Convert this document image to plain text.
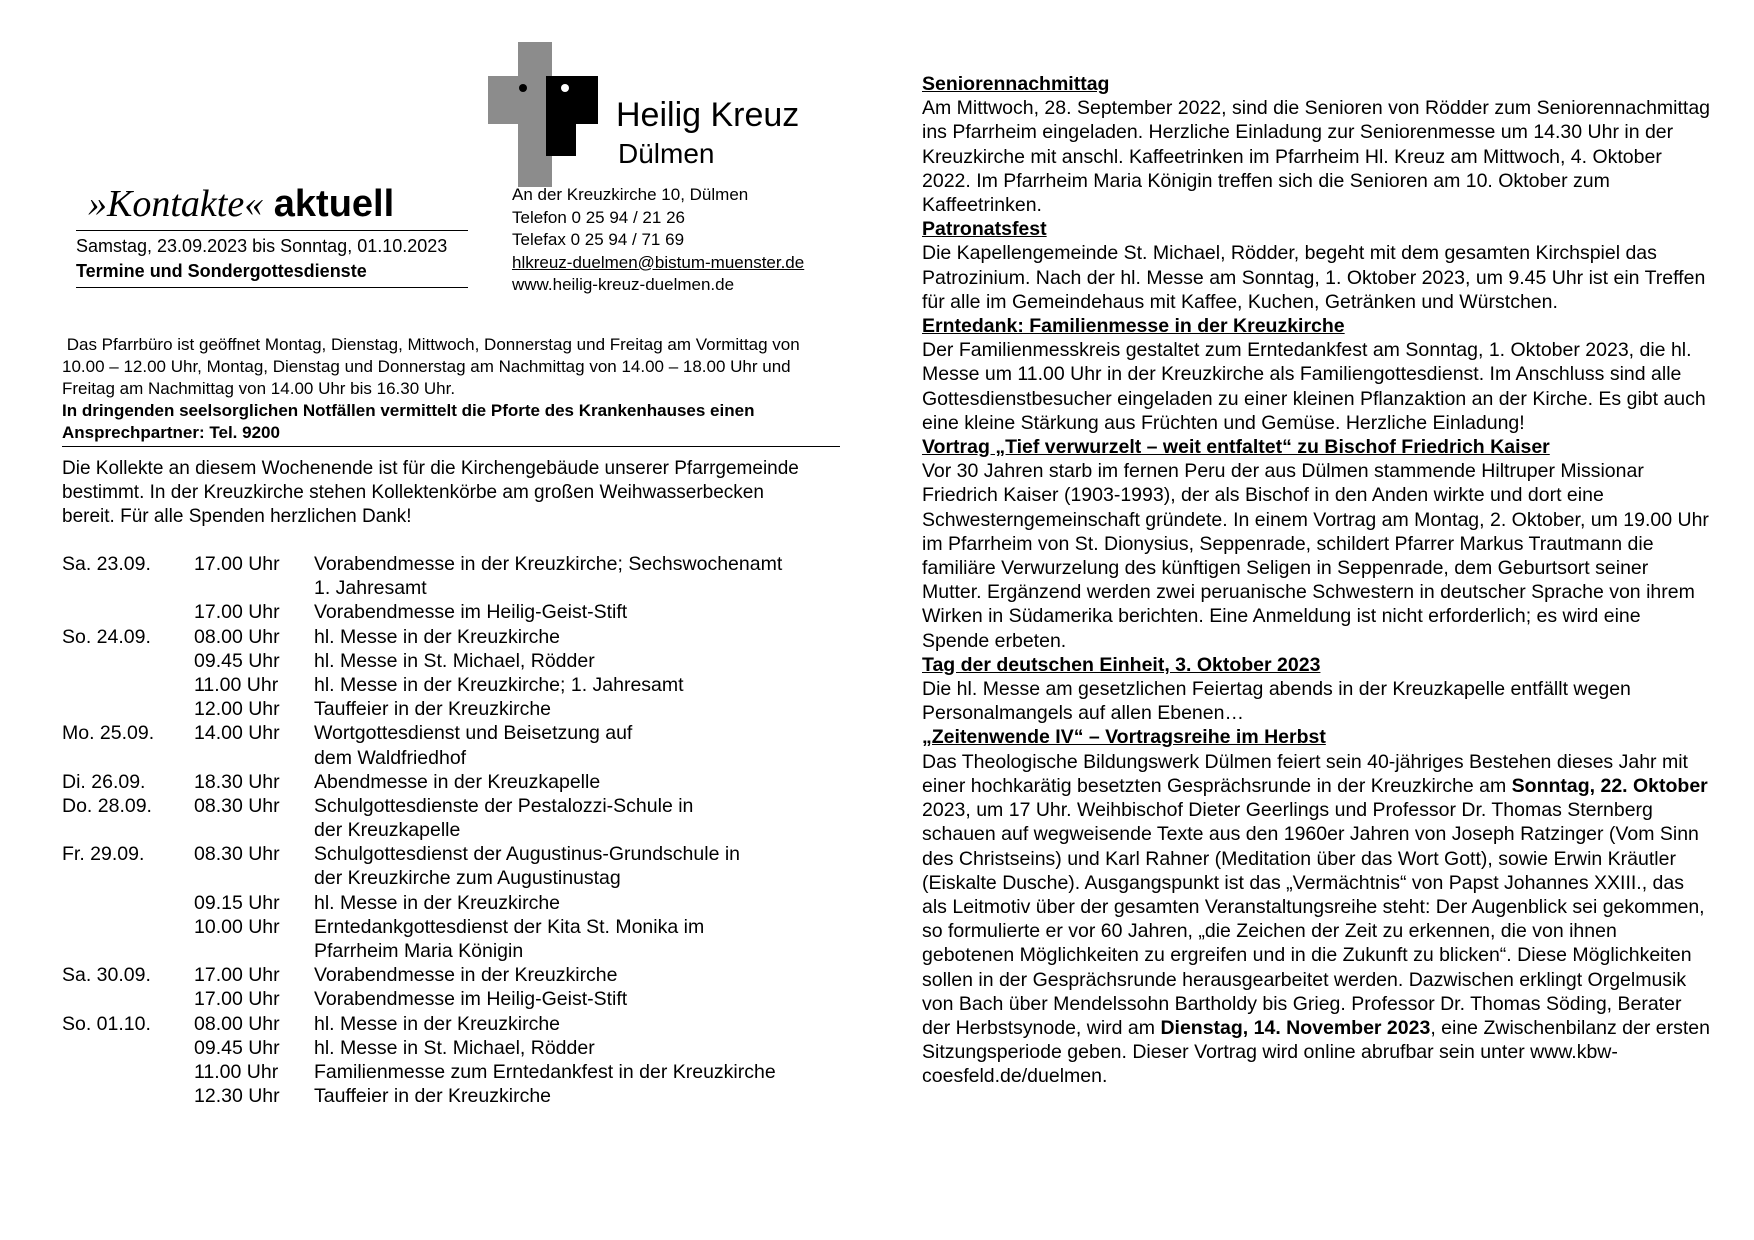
Heilig Kreuz
Dülmen
»Kontakte« aktuell
Samstag, 23.09.2023 bis Sonntag, 01.10.2023
Termine und Sondergottesdienste
An der Kreuzkirche 10, Dülmen
Telefon 0 25 94 / 21 26
Telefax 0 25 94 / 71 69
hlkreuz-duelmen@bistum-muenster.de
www.heilig-kreuz-duelmen.de
Das Pfarrbüro ist geöffnet Montag, Dienstag, Mittwoch, Donnerstag und Freitag am Vormittag von
10.00 – 12.00 Uhr, Montag, Dienstag und Donnerstag am Nachmittag von 14.00 – 18.00 Uhr und
Freitag am Nachmittag von 14.00 Uhr bis 16.30 Uhr.
In dringenden seelsorglichen Notfällen vermittelt die Pforte des Krankenhauses einen
Ansprechpartner: Tel. 9200
Die Kollekte an diesem Wochenende ist für die Kirchengebäude unserer Pfarrgemeinde
bestimmt. In der Kreuzkirche stehen Kollektenkörbe am großen Weihwasserbecken
bereit. Für alle Spenden herzlichen Dank!
Sa. 23.09. 17.00 Uhr Vorabendmesse in der Kreuzkirche; Sechswochenamt
1. Jahresamt
17.00 Uhr Vorabendmesse im Heilig-Geist-Stift
So. 24.09. 08.00 Uhr hl. Messe in der Kreuzkirche
09.45 Uhr hl. Messe in St. Michael, Rödder
11.00 Uhr hl. Messe in der Kreuzkirche; 1. Jahresamt
12.00 Uhr Tauffeier in der Kreuzkirche
Mo. 25.09. 14.00 Uhr Wortgottesdienst und Beisetzung auf
dem Waldfriedhof
Di. 26.09. 18.30 Uhr Abendmesse in der Kreuzkapelle
Do. 28.09. 08.30 Uhr Schulgottesdienste der Pestalozzi-Schule in
der Kreuzkapelle
Fr. 29.09.	08.30 Uhr Schulgottesdienst der Augustinus-Grundschule in
der Kreuzkirche zum Augustinustag
09.15 Uhr hl. Messe in der Kreuzkirche
10.00 Uhr Erntedankgottesdienst der Kita St. Monika im
Pfarrheim Maria Königin
Sa. 30.09. 17.00 Uhr Vorabendmesse in der Kreuzkirche
17.00 Uhr Vorabendmesse im Heilig-Geist-Stift
So. 01.10. 08.00 Uhr hl. Messe in der Kreuzkirche
09.45 Uhr hl. Messe in St. Michael, Rödder
11.00 Uhr Familienmesse zum Erntedankfest in der Kreuzkirche
12.30 Uhr Tauffeier in der Kreuzkirche
Seniorennachmittag

Am Mittwoch, 28. September 2022, sind die Senioren von Rödder zum Seniorennachmittag ins Pfarrheim eingeladen. Herzliche Einladung zur Seniorenmesse um 14.30 Uhr in der Kreuzkirche mit anschl. Kaffeetrinken im Pfarrheim Hl. Kreuz am Mittwoch, 4. Oktober 2022. Im Pfarrheim Maria Königin treffen sich die Senioren am 10. Oktober zum Kaffeetrinken.

Patronatsfest

Die Kapellengemeinde St. Michael, Rödder, begeht mit dem gesamten Kirchspiel das Patrozinium. Nach der hl. Messe am Sonntag, 1. Oktober 2023, um 9.45 Uhr ist ein Treffen für alle im Gemeindehaus mit Kaffee, Kuchen, Getränken und Würstchen.

Erntedank: Familienmesse in der Kreuzkirche

Der Familienmesskreis gestaltet zum Erntedankfest am Sonntag, 1. Oktober 2023, die hl. Messe um 11.00 Uhr in der Kreuzkirche als Familiengottesdienst. Im Anschluss sind alle Gottesdienstbesucher eingeladen zu einer kleinen Pflanzaktion an der Kirche. Es gibt auch eine kleine Stärkung aus Früchten und Gemüse. Herzliche Einladung!

Vortrag „Tief verwurzelt – weit entfaltet“ zu Bischof Friedrich Kaiser

Vor 30 Jahren starb im fernen Peru der aus Dülmen stammende Hiltruper Missionar Friedrich Kaiser (1903-1993), der als Bischof in den Anden wirkte und dort eine Schwesterngemeinschaft gründete. In einem Vortrag am Montag, 2. Oktober, um 19.00 Uhr im Pfarrheim von St. Dionysius, Seppenrade, schildert Pfarrer Markus Trautmann die familiäre Verwurzelung des künftigen Seligen in Seppenrade, dem Geburtsort seiner Mutter. Ergänzend werden zwei peruanische Schwestern in deutscher Sprache von ihrem Wirken in Südamerika berichten. Eine Anmeldung ist nicht erforderlich; es wird eine Spende erbeten.

Tag der deutschen Einheit, 3. Oktober 2023

Die hl. Messe am gesetzlichen Feiertag abends in der Kreuzkapelle entfällt wegen Personalmangels auf allen Ebenen…

„Zeitenwende IV“ – Vortragsreihe im Herbst

Das Theologische Bildungswerk Dülmen feiert sein 40-jähriges Bestehen dieses Jahr mit einer hochkarätig besetzten Gesprächsrunde in der Kreuzkirche am Sonntag, 22. Oktober 2023, um 17 Uhr. Weihbischof Dieter Geerlings und Professor Dr. Thomas Sternberg schauen auf wegweisende Texte aus den 1960er Jahren von Joseph Ratzinger (Vom Sinn des Christseins) und Karl Rahner (Meditation über das Wort Gott), sowie Erwin Kräutler (Eiskalte Dusche). Ausgangspunkt ist das „Vermächtnis“ von Papst Johannes XXIII., das als Leitmotiv über der gesamten Veranstaltungsreihe steht: Der Augenblick sei gekommen, so formulierte er vor 60 Jahren, „die Zeichen der Zeit zu erkennen, die von ihnen gebotenen Möglichkeiten zu ergreifen und in die Zukunft zu blicken“. Diese Möglichkeiten sollen in der Gesprächsrunde herausgearbeitet werden. Dazwischen erklingt Orgelmusik von Bach über Mendelssohn Bartholdy bis Grieg. Professor Dr. Thomas Söding, Berater der Herbstsynode, wird am Dienstag, 14. November 2023, eine Zwischenbilanz der ersten Sitzungsperiode geben. Dieser Vortrag wird online abrufbar sein unter www.kbw-coesfeld.de/duelmen.
